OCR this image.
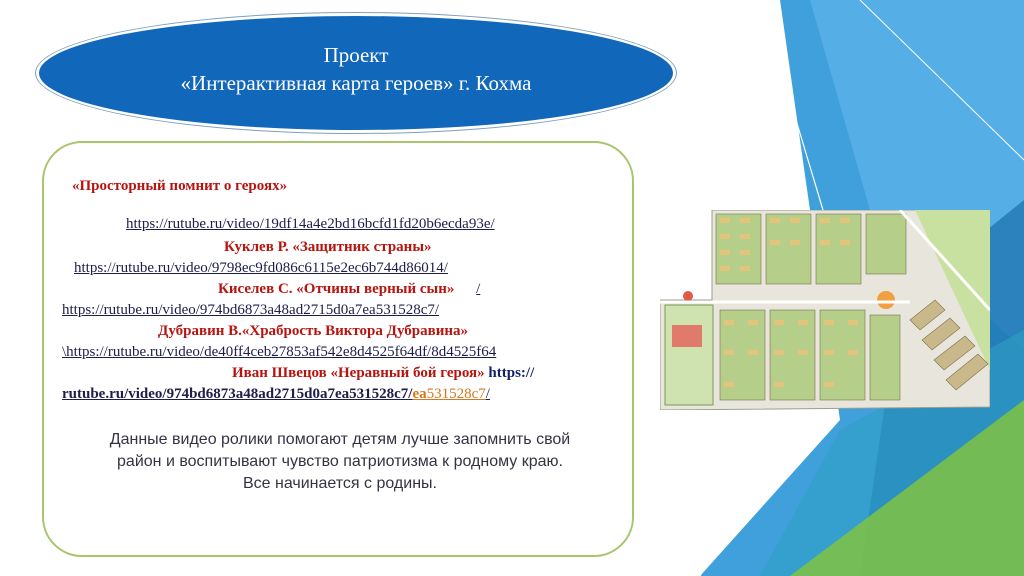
Проект
«Интерактивная карта героев» г. Кохма
«Просторный помнит о героях»
https://rutube.ru/video/19df14a4e2bd16bcfd1fd20b6ecda93e/
Куклев Р. «Защитник страны»
https://rutube.ru/video/9798ec9fd086c6115e2ec6b744d86014/
Киселев С. «Отчины верный сын» /
https://rutube.ru/video/974bd6873a48ad2715d0a7ea531528c7/
Дубравин В.«Храбрость Виктора Дубравина»
\https://rutube.ru/video/de40ff4ceb27853af542e8d4525f64df/8d4525f64
Иван Швецов «Неравный бой героя» https://
rutube.ru/video/974bd6873a48ad2715d0a7ea531528c7/ea531528c7/
Данные видео ролики помогают детям лучше запомнить свой
район и воспитывают чувство патриотизма к родному краю.
Все начинается с родины.
